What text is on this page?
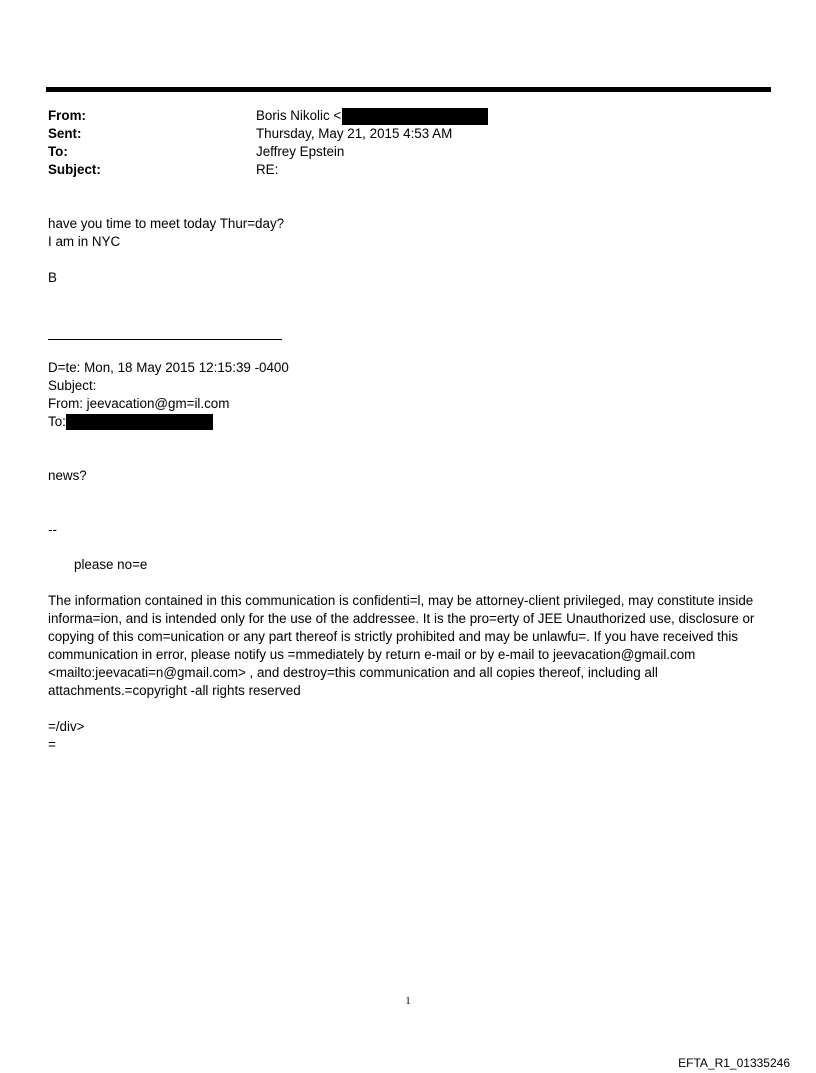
From:	Boris Nikolic <
Sent:	Thursday, May 21, 2015 4:53 AM
To:	Jeffrey Epstein
Subject:	RE:
have you time to meet today Thur=day?
I am in NYC
B
D=te: Mon, 18 May 2015 12:15:39 -0400
Subject:
From: jeevacation@gm=il.com
To:
news?
--
please no=e
The information contained in this communication is confidenti=l, may be attorney-client privileged, may constitute inside informa=ion, and is intended only for the use of the addressee. It is the pro=erty of JEE Unauthorized use, disclosure or copying of this com=unication or any part thereof is strictly prohibited and may be unlawfu=. If you have received this communication in error, please notify us =mmediately by return e-mail or by e-mail to jeevacation@gmail.com <mailto:jeevacati=n@gmail.com> , and destroy=this communication and all copies thereof, including all attachments.=copyright -all rights reserved
=/div>
=
1
EFTA_R1_01335246
